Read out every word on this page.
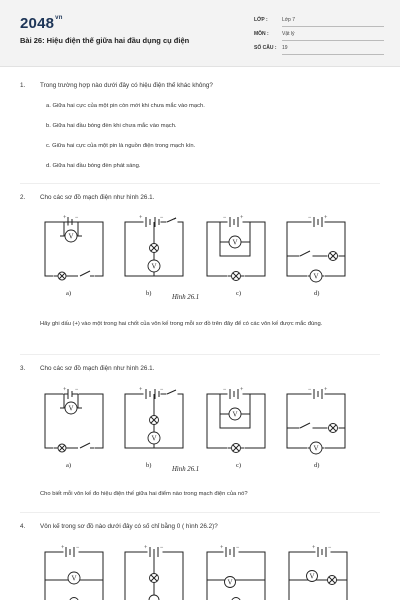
$2048^{vn}$
Bài 26: Hiệu điện thế giữa hai đầu dụng cụ điện
LỚP :	Lớp 7
MÔN :	Vật lý
SỐ CÂU : 19
1. Trong trường hợp nào dưới đây có hiệu điện thế khác không?
a. Giữa hai cực của một pin còn mới khi chưa mắc vào mạch.
b. Giữa hai đầu bóng đèn khi chưa mắc vào mạch.
c. Giữa hai cực của một pin là nguồn điện trong mạch kín.
d. Giữa hai đầu bóng đèn phát sáng.
2. Cho các sơ đồ mạch điện như hình 26.1.
+ −
V
a)
+	−
V
b)
Hình 26.1
− +
V
c)
− +
V
d)
Hãy ghi dấu (+) vào một trong hai chốt của vôn kế trong mỗi sơ đồ trên đây để có các vôn kế được mắc đúng.
3. Cho các sơ đồ mạch điện như hình 26.1.
+ −
V
a)
+	−
V
b)
Hình 26.1
− +
V
c)
− +
V
d)
Cho biết mỗi vôn kế đo hiệu điện thế giữa hai điểm nào trong mạch điện của nó?
4. Vôn kế trong sơ đồ nào dưới đây có số chỉ bằng 0 ( hình 26.2)?
+ −
V
+ −	+ −
V
+ −
V
